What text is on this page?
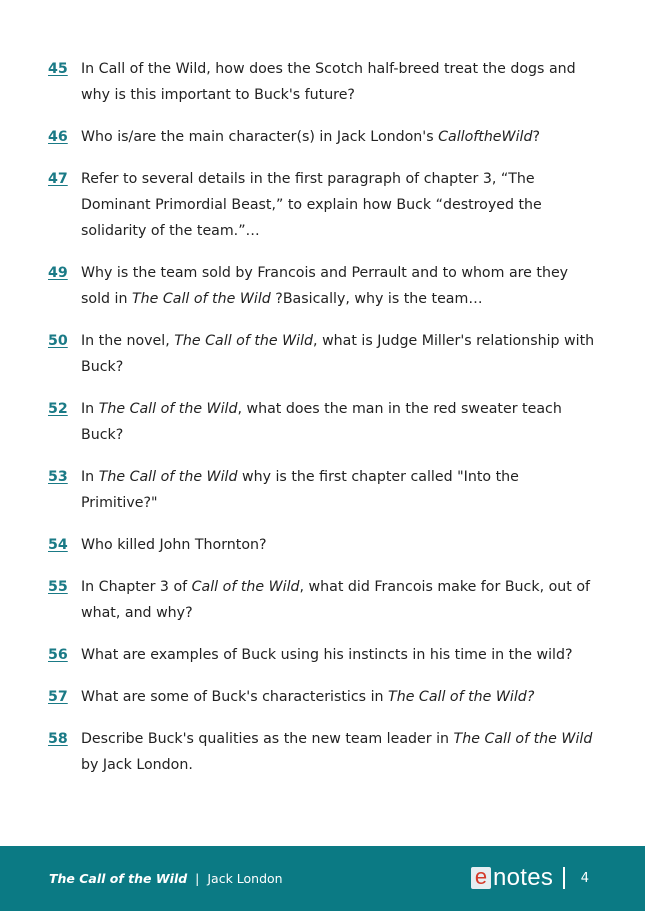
45 In Call of the Wild, how does the Scotch half-breed treat the dogs and why is this important to Buck's future?
46 Who is/are the main character(s) in Jack London's CalloftheWild?
47 Refer to several details in the first paragraph of chapter 3, “The Dominant Primordial Beast,” to explain how Buck “destroyed the solidarity of the team.”…
49 Why is the team sold by Francois and Perrault and to whom are they sold in The Call of the Wild ?Basically, why is the team…
50 In the novel, The Call of the Wild, what is Judge Miller's relationship with Buck?
52 In The Call of the Wild, what does the man in the red sweater teach Buck?
53 In The Call of the Wild why is the first chapter called "Into the Primitive?"
54 Who killed John Thornton?
55 In Chapter 3 of Call of the Wild, what did Francois make for Buck, out of what, and why?
56 What are examples of Buck using his instincts in his time in the wild?
57 What are some of Buck's characteristics in The Call of the Wild?
58 Describe Buck's qualities as the new team leader in The Call of the Wild by Jack London.
The Call of the Wild | Jack London	e notes 4
